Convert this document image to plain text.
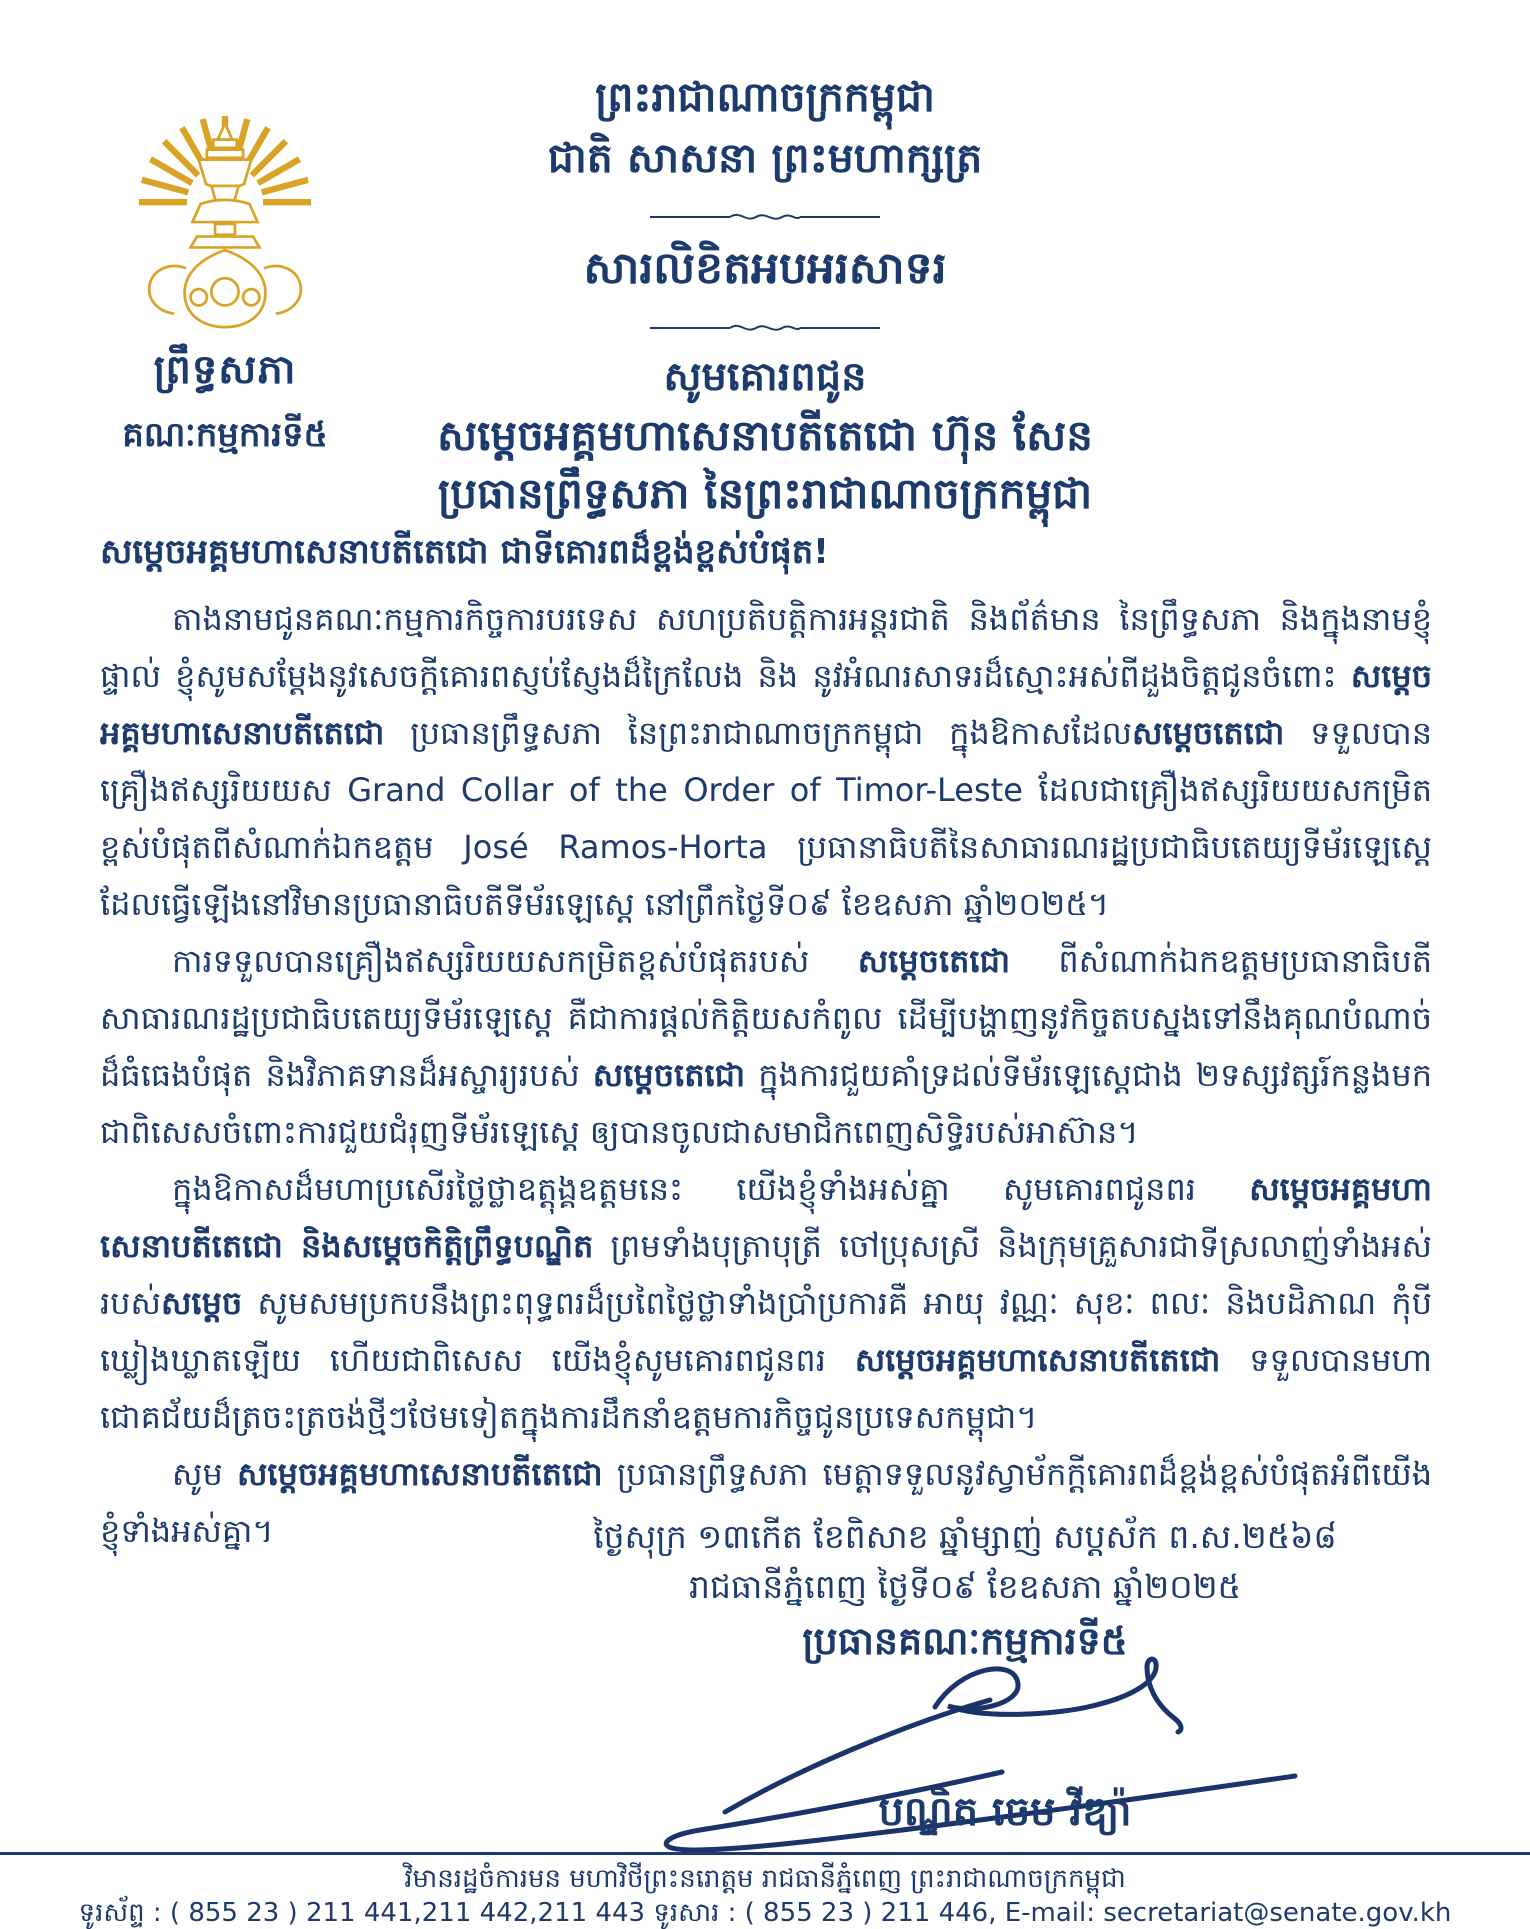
ព្រឹទ្ធសភា
គណៈកម្មការទី៥
ព្រះរាជាណាចក្រកម្ពុជា
ជាតិ សាសនា ព្រះមហាក្សត្រ
សារលិខិតអបអរសាទរ
សូមគោរពជូន
សម្តេចអគ្គមហាសេនាបតីតេជោ ហ៊ុន សែន
ប្រធានព្រឹទ្ធសភា នៃព្រះរាជាណាចក្រកម្ពុជា
សម្តេចអគ្គមហាសេនាបតីតេជោ ជាទីគោរពដ៏ខ្ពង់ខ្ពស់បំផុត!

តាងនាមជូនគណៈកម្មការកិច្ចការបរទេស សហប្រតិបត្តិការអន្តរជាតិ និងព័ត៌មាន នៃព្រឹទ្ធសភា និងក្នុងនាមខ្ញុំផ្ទាល់ ខ្ញុំសូមសម្តែងនូវសេចក្តីគោរពស្ញប់ស្ញែងដ៏ក្រៃលែង និង នូវអំណរសាទរដ៏ស្មោះអស់ពីដួងចិត្តជូនចំពោះ សម្តេចអគ្គមហាសេនាបតីតេជោ ប្រធានព្រឹទ្ធសភា នៃព្រះរាជាណាចក្រកម្ពុជា ក្នុងឱកាសដែលសម្តេចតេជោ ទទួលបានគ្រឿងឥស្សរិយយស Grand Collar of the Order of Timor-Leste ដែលជាគ្រឿងឥស្សរិយយសកម្រិតខ្ពស់បំផុតពីសំណាក់ឯកឧត្តម José Ramos-Horta ប្រធានាធិបតីនៃសាធារណរដ្ឋប្រជាធិបតេយ្យទីម័រឡេស្តេ ដែលធ្វើឡើងនៅវិមានប្រធានាធិបតីទីម័រឡេស្តេ នៅព្រឹកថ្ងៃទី០៩ ខែឧសភា ឆ្នាំ២០២៥។

ការទទួលបានគ្រឿងឥស្សរិយយសកម្រិតខ្ពស់បំផុតរបស់ សម្តេចតេជោ ពីសំណាក់ឯកឧត្តមប្រធានាធិបតី សាធារណរដ្ឋប្រជាធិបតេយ្យទីម័រឡេស្តេ គឺជាការផ្តល់កិត្តិយសកំពូល ដើម្បីបង្ហាញនូវកិច្ចតបស្នងទៅនឹងគុណបំណាច់ដ៏ធំធេងបំផុត និងវិភាគទានដ៏អស្ចារ្យរបស់ សម្តេចតេជោ ក្នុងការជួយគាំទ្រដល់ទីម័រឡេស្តេជាង ២ទស្សវត្សរ៍កន្លងមក ជាពិសេសចំពោះការជួយជំរុញទីម័រឡេស្តេ ឲ្យបានចូលជាសមាជិកពេញសិទ្ធិរបស់អាស៊ាន។

ក្នុងឱកាសដ៏មហាប្រសើរថ្លៃថ្លាឧត្តុង្គឧត្តមនេះ យើងខ្ញុំទាំងអស់គ្នា សូមគោរពជូនពរ សម្តេចអគ្គមហាសេនាបតីតេជោ និងសម្តេចកិត្តិព្រឹទ្ធបណ្ឌិត ព្រមទាំងបុត្រាបុត្រី ចៅប្រុសស្រី និងក្រុមគ្រួសារជាទីស្រលាញ់ទាំងអស់របស់សម្តេច សូមសមប្រកបនឹងព្រះពុទ្ធពរដ៏ប្រពៃថ្លៃថ្លាទាំងប្រាំប្រការគឺ អាយុ វណ្ណៈ សុខៈ ពលៈ និងបដិភាណ កុំបីឃ្លៀងឃ្លាតឡើយ ហើយជាពិសេស យើងខ្ញុំសូមគោរពជូនពរ សម្តេចអគ្គមហាសេនាបតីតេជោ ទទួលបានមហាជោគជ័យដ៏ត្រចះត្រចង់ថ្មីៗថែមទៀតក្នុងការដឹកនាំឧត្តមការកិច្ចជូនប្រទេសកម្ពុជា។

សូម សម្តេចអគ្គមហាសេនាបតីតេជោ ប្រធានព្រឹទ្ធសភា មេត្តាទទួលនូវស្វាម័កក្តីគោរពដ៏ខ្ពង់ខ្ពស់បំផុតអំពីយើងខ្ញុំទាំងអស់គ្នា។	ថ្ងៃសុក្រ ១៣កើត ខែពិសាខ ឆ្នាំម្សាញ់ សប្តស័ក ព.ស.២៥៦៨
រាជធានីភ្នំពេញ ថ្ងៃទី០៩ ខែឧសភា ឆ្នាំ២០២៥
ប្រធានគណៈកម្មការទី៥
បណ្ឌិត ចេម វីឌ្យ៉ា
វិមានរដ្ឋចំការមន មហាវិថីព្រះនរោត្តម រាជធានីភ្នំពេញ ព្រះរាជាណាចក្រកម្ពុជា
ទូរស័ព្ទ : ( 855 23 ) 211 441,211 442,211 443 ទូរសារ : ( 855 23 ) 211 446, E-mail: secretariat@senate.gov.kh
